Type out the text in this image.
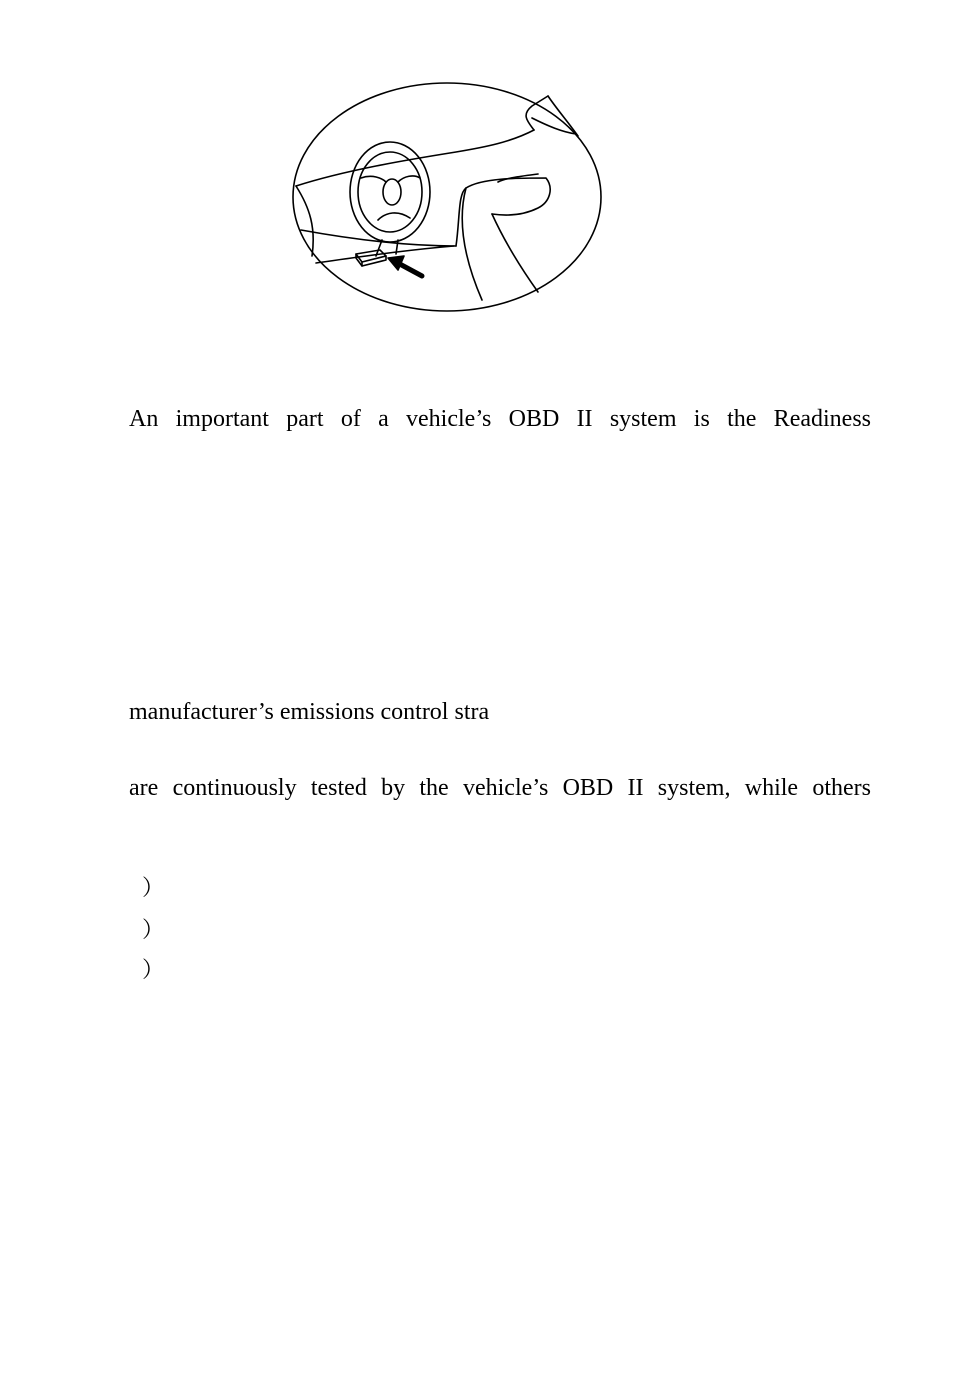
An important part of a vehicle’s OBD II system is the Readiness
manufacturer’s emissions control stra
are continuously tested by the vehicle’s OBD II system, while others
）
）
）
